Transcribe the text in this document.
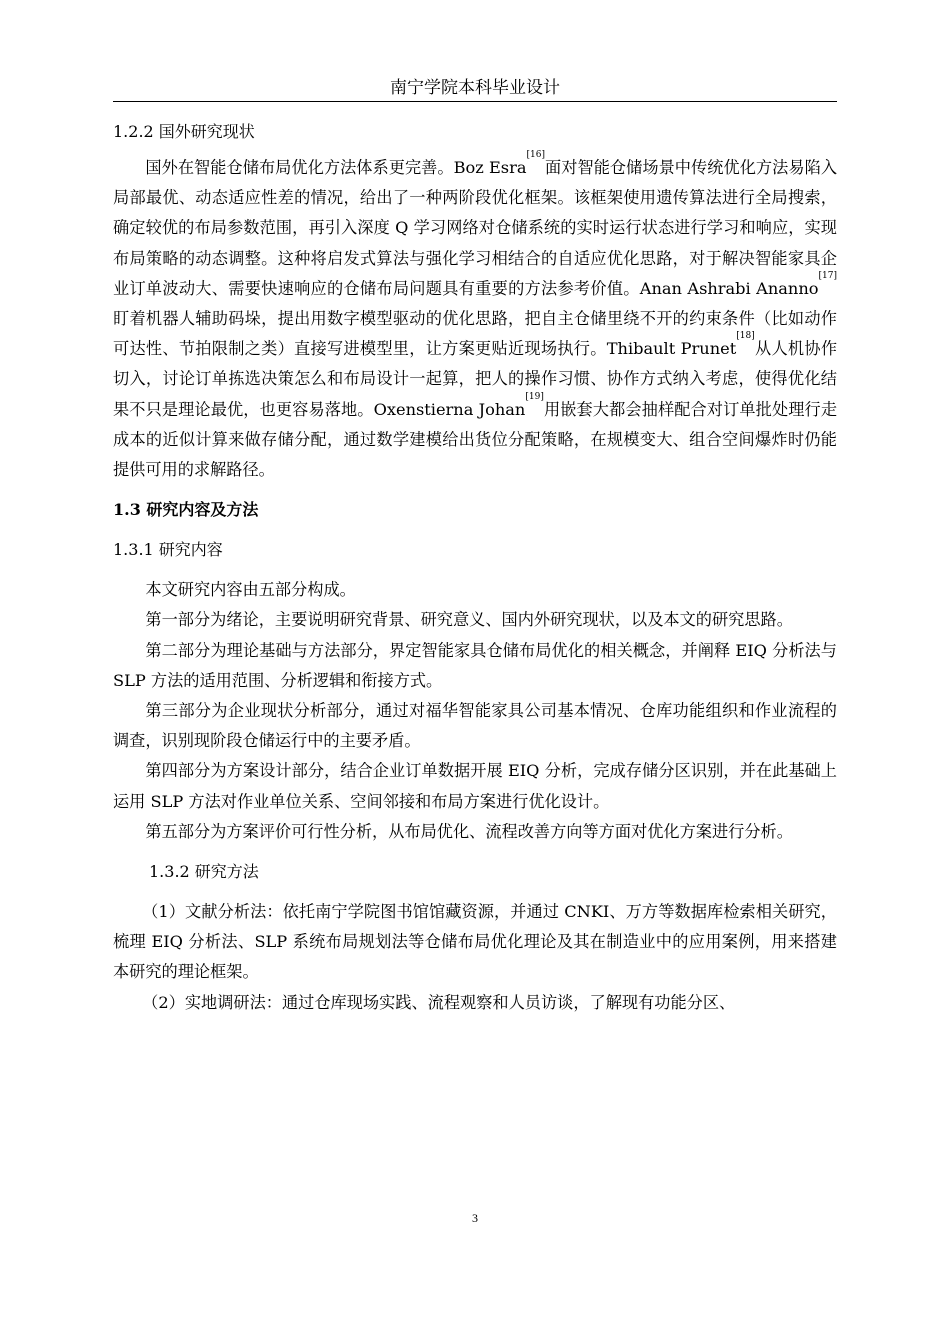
南宁学院本科毕业设计
1.2.2 国外研究现状

国外在智能仓储布局优化方法体系更完善。Boz Esra[16]面对智能仓储场景中传统优化方法易陷入局部最优、动态适应性差的情况，给出了一种两阶段优化框架。该框架使用遗传算法进行全局搜索，确定较优的布局参数范围，再引入深度 Q 学习网络对仓储系统的实时运行状态进行学习和响应，实现布局策略的动态调整。这种将启发式算法与强化学习相结合的自适应优化思路，对于解决智能家具企业订单波动大、需要快速响应的仓储布局问题具有重要的方法参考价值。Anan Ashrabi Ananno[17]盯着机器人辅助码垛，提出用数字模型驱动的优化思路，把自主仓储里绕不开的约束条件（比如动作可达性、节拍限制之类）直接写进模型里，让方案更贴近现场执行。Thibault Prunet[18]从人机协作切入，讨论订单拣选决策怎么和布局设计一起算，把人的操作习惯、协作方式纳入考虑，使得优化结果不只是理论最优，也更容易落地。Oxenstierna Johan[19]用嵌套大都会抽样配合对订单批处理行走成本的近似计算来做存储分配，通过数学建模给出货位分配策略，在规模变大、组合空间爆炸时仍能提供可用的求解路径。

1.3 研究内容及方法
1.3.1 研究内容

本文研究内容由五部分构成。

第一部分为绪论，主要说明研究背景、研究意义、国内外研究现状，以及本文的研究思路。

第二部分为理论基础与方法部分，界定智能家具仓储布局优化的相关概念，并阐释 EIQ 分析法与 SLP 方法的适用范围、分析逻辑和衔接方式。

第三部分为企业现状分析部分，通过对福华智能家具公司基本情况、仓库功能组织和作业流程的调查，识别现阶段仓储运行中的主要矛盾。

第四部分为方案设计部分，结合企业订单数据开展 EIQ 分析，完成存储分区识别，并在此基础上运用 SLP 方法对作业单位关系、空间邻接和布局方案进行优化设计。

第五部分为方案评价可行性分析，从布局优化、流程改善方向等方面对优化方案进行分析。

1.3.2 研究方法

（1）文献分析法：依托南宁学院图书馆馆藏资源，并通过 CNKI、万方等数据库检索相关研究，梳理 EIQ 分析法、SLP 系统布局规划法等仓储布局优化理论及其在制造业中的应用案例，用来搭建本研究的理论框架。

（2）实地调研法：通过仓库现场实践、流程观察和人员访谈，了解现有功能分区、

3
